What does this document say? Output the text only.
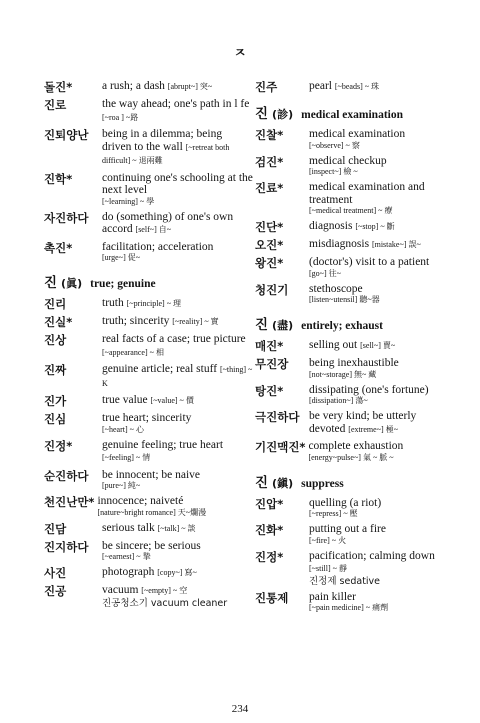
ㅈ
돌진*	a rush; a dash [abrupt~] 突~
진로	the way ahead; one's path in l fe [~roa ] ~路
진퇴양난	being in a dilemma; being driven to the wall [~retreat both difficult] ~ 退兩難
진학*	continuing one's schooling at the next level
[~learning] ~ 學
자진하다	do (something) of one's own accord [self~] 自~
촉진*	facilitation; acceleration
[urge~] 促~
진 (眞) true; genuine
진리	truth [~principle] ~ 理
진실*	truth; sincerity [~reality] ~ 實
진상	real facts of a case; true picture [~appearance] ~ 相
진짜	genuine article; real stuff [~thing] ~ K
진가	true value [~value] ~ 價
진심	true heart; sincerity
[~heart] ~ 心
진정*	genuine feeling; true heart [~feeling] ~ 情
순진하다	be innocent; be naive
[pure~] 純~
천진난만* innocence; naiveté
[nature~bright romance] 天~爛漫
진담	serious talk [~talk] ~ 談
진지하다	be sincere; be serious
[~earnest] ~ 摯
사진	photograph [copy~] 寫~
진공	vacuum [~empty] ~ 空
진공청소기 vacuum cleaner
진주	pearl [~beads] ~ 珠
진 (診) medical examination
진찰*	medical examination
[~observe] ~ 察
검진*	medical checkup
[inspect~] 檢 ~
진료*	medical examination and treatment
[~medical treatment] ~ 療
진단*	diagnosis [~stop] ~ 斷
오진*	misdiagnosis [mistake~] 誤~
왕진*	(doctor's) visit to a patient
[go~] 往~
청진기	stethoscope
[listen~utensil] 聽~器
진 (盡) entirely; exhaust
매진*	selling out [sell~] 賣~
무진장	being inexhaustible
[not~storage] 無~ 藏
탕진*	dissipating (one's fortune)
[dissipation~] 蕩~
극진하다 be very kind; be utterly devoted [extreme~] 極~
기진맥진* complete exhaustion
[energy~pulse~] 氣 ~ 脈 ~
진 (鎭) suppress
진압*	quelling (a riot)
[~repress] ~ 壓
진화*	putting out a fire
[~fire] ~ 火
진정*	pacification; calming down [~still] ~ 靜
진정제 sedative
진통제	pain killer
[~pain medicine] ~ 痛劑
234
